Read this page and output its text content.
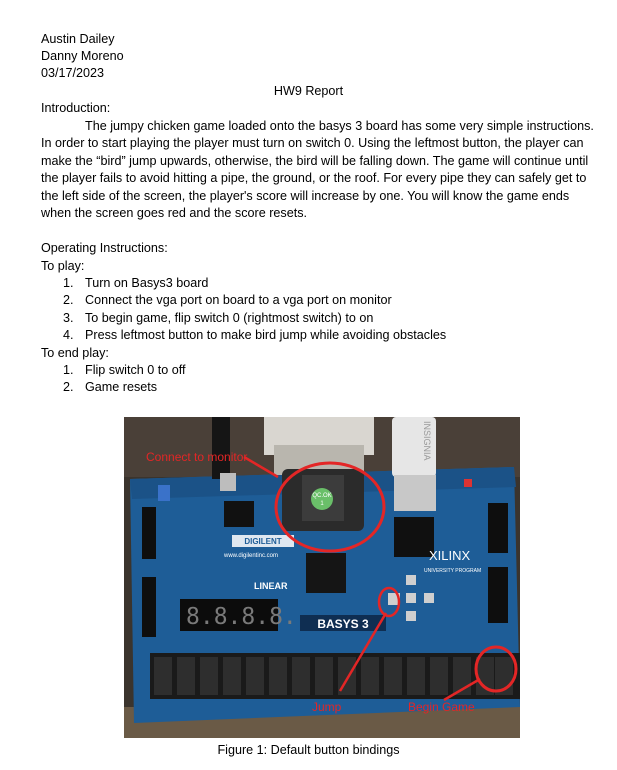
Austin Dailey
Danny Moreno
03/17/2023
HW9 Report
Introduction:
The jumpy chicken game loaded onto the basys 3 board has some very simple instructions. In order to start playing the player must turn on switch 0. Using the leftmost button, the player can make the “bird” jump upwards, otherwise, the bird will be falling down. The game will continue until the player fails to avoid hitting a pipe, the ground, or the roof. For every pipe they can safely get to the left side of the screen, the player's score will increase by one. You will know the game ends when the screen goes red and the score resets.
Operating Instructions:
To play:
1. Turn on Basys3 board
2. Connect the vga port on board to a vga port on monitor
3. To begin game, flip switch 0 (rightmost switch) to on
4. Press leftmost button to make bird jump while avoiding obstacles
To end play:
1. Flip switch 0 to off
2. Game resets
INSIGNIA
QC.OK
1
DIGILENT
www.digilentinc.com	XILINX
UNIVERSITY PROGRAM
LINEAR
8.8.8.8. BASYS 3
Connect to monitor
Jump	Begin Game
Figure 1: Default button bindings
